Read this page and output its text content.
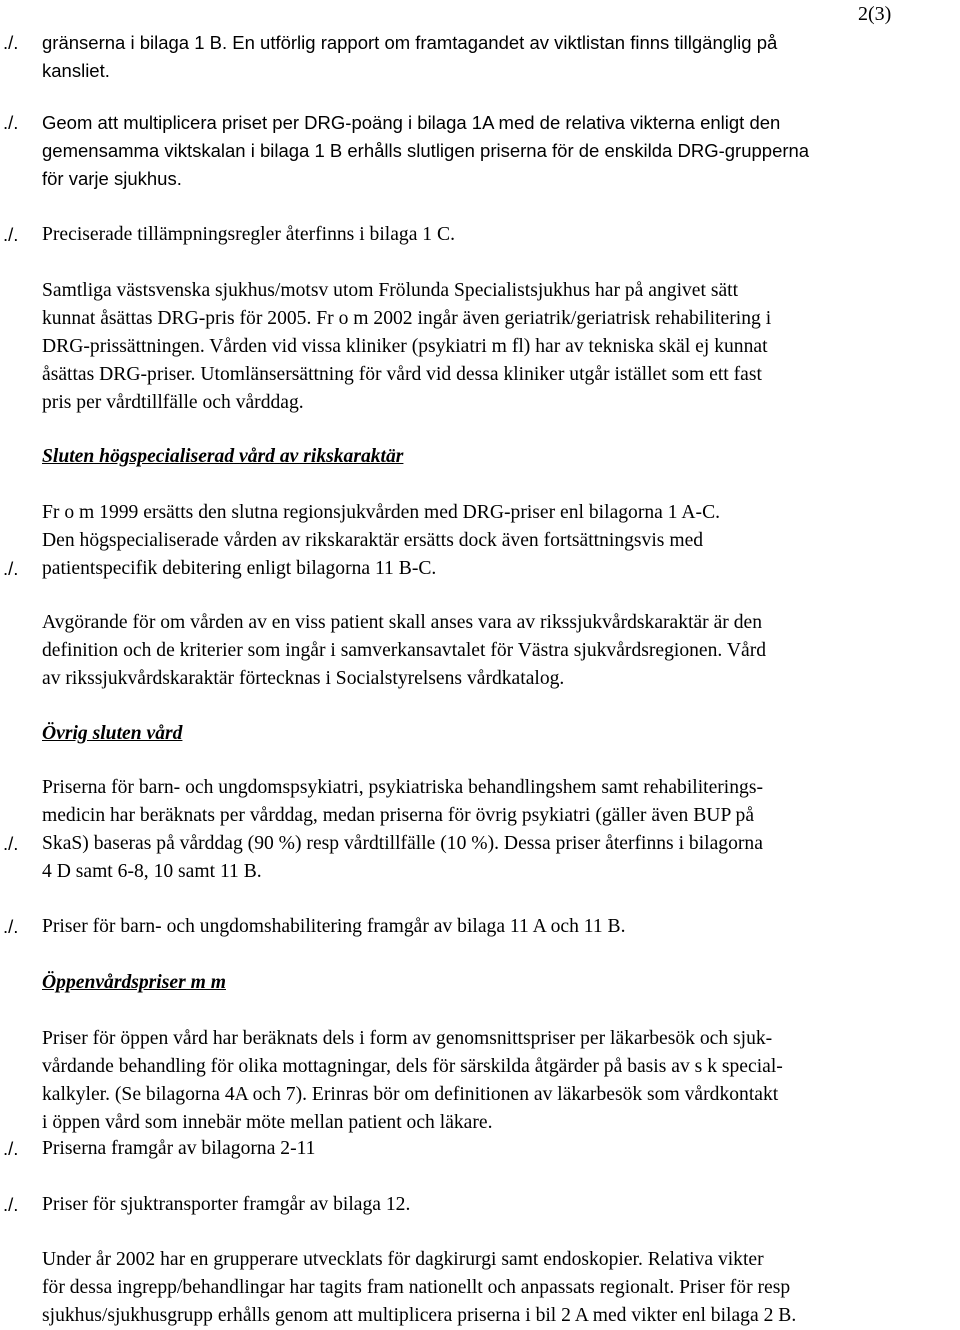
2(3)
./.
./.
./.
./.
./.
./.
./.
./.
gränserna i bilaga 1 B. En utförlig rapport om framtagandet av viktlistan finns tillgänglig på
kansliet.
Geom att multiplicera priset per DRG-poäng i bilaga 1A med de relativa vikterna enligt den
gemensamma viktskalan i bilaga 1 B erhålls slutligen priserna för de enskilda DRG-grupperna
för varje sjukhus.
Preciserade tillämpningsregler återfinns i bilaga 1 C.
Samtliga västsvenska sjukhus/motsv utom Frölunda Specialistsjukhus har på angivet sätt
kunnat åsättas DRG-pris för 2005. Fr o m 2002 ingår även geriatrik/geriatrisk rehabilitering i
DRG-prissättningen. Vården vid vissa kliniker (psykiatri m fl) har av tekniska skäl ej kunnat
åsättas DRG-priser. Utomlänsersättning för vård vid dessa kliniker utgår istället som ett fast
pris per vårdtillfälle och vårddag.
Sluten högspecialiserad vård av rikskaraktär
Fr o m 1999 ersätts den slutna regionsjukvården med DRG-priser enl bilagorna 1 A-C.
Den högspecialiserade vården av rikskaraktär ersätts dock även fortsättningsvis med
patientspecifik debitering enligt bilagorna 11 B-C.
Avgörande för om vården av en viss patient skall anses vara av rikssjukvårdskaraktär är den
definition och de kriterier som ingår i samverkansavtalet för Västra sjukvårdsregionen. Vård
av rikssjukvårdskaraktär förtecknas i Socialstyrelsens vårdkatalog.
Övrig sluten vård
Priserna för barn- och ungdomspsykiatri, psykiatriska behandlingshem samt rehabiliterings-
medicin har beräknats per vårddag, medan priserna för övrig psykiatri (gäller även BUP på
SkaS) baseras på vårddag (90 %) resp vårdtillfälle (10 %). Dessa priser återfinns i bilagorna
4 D samt 6-8, 10 samt 11 B.
Priser för barn- och ungdomshabilitering framgår av bilaga 11 A och 11 B.
Öppenvårdspriser m m
Priser för öppen vård har beräknats dels i form av genomsnittspriser per läkarbesök och sjuk-
vårdande behandling för olika mottagningar, dels för särskilda åtgärder på basis av s k special-
kalkyler. (Se bilagorna 4A och 7). Erinras bör om definitionen av läkarbesök som vårdkontakt
i öppen vård som innebär möte mellan patient och läkare.
Priserna framgår av bilagorna 2-11
Priser för sjuktransporter framgår av bilaga 12.
Under år 2002 har en grupperare utvecklats för dagkirurgi samt endoskopier. Relativa vikter
för dessa ingrepp/behandlingar har tagits fram nationellt och anpassats regionalt. Priser för resp
sjukhus/sjukhusgrupp erhålls genom att multiplicera priserna i bil 2 A med vikter enl bilaga 2 B.
